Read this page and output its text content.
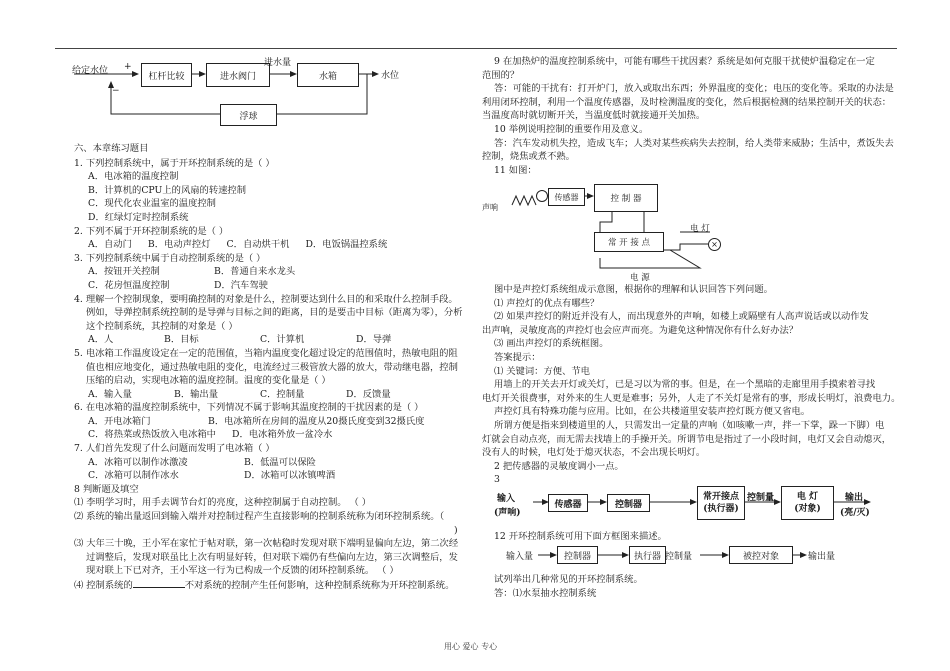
给定水位 +
−
杠杆比较	进水阀门
进水量
水箱	水位
浮球

六、本章练习题目

1. 下列控制系统中，属于开环控制系统的是（ ）

A．电冰箱的温度控制

B．计算机的CPU上的风扇的转速控制

C．现代化农业温室的温度控制

D．红绿灯定时控制系统

2. 下列不属于开环控制系统的是（ ）

A．自动门 B．电动声控灯 C．自动烘干机 D．电饭锅温控系统

3. 下列控制系统中属于自动控制系统的是（ ）

A．按钮开关控制	B．普通自来水龙头

C．花房恒温度控制	D．汽车驾驶

4. 理解一个控制现象，要明确控制的对象是什么，控制要达到什么目的和采取什么控制手段。

例如，导弹控制系统控制的是导弹与目标之间的距离，目的是要击中目标（距离为零），分析

这个控制系统，其控制的对象是（ ）

A．人	B．目标	C．计算机	D．导弹

5. 电冰箱工作温度设定在一定的范围值，当箱内温度变化超过设定的范围值时，热敏电阻的阻

值也相应地变化，通过热敏电阻的变化，电流经过三极管放大器的放大，带动继电器，控制

压缩的启动，实现电冰箱的温度控制。温度的变化量是（ ）

A．输入量	B．输出量	C．控制量	D．反馈量

6. 在电冰箱的温度控制系统中，下列情况不属于影响其温度控制的干扰因素的是（ ）

A．开电冰箱门	B．电冰箱所在房间的温度从20摄氏度变到32摄氏度

C．将热菜或热饭放入电冰箱中 D．电冰箱外放一盆冷水

7. 人们首先发现了什么问题而发明了电冰箱（ ）

A．冰箱可以制作冰激凌	B．低温可以保险

C．冰箱可以制作冰水	D．冰箱可以冰镇啤酒

8 判断题及填空

⑴ 李明学习时，用手去调节台灯的亮度，这种控制属于自动控制。 （ ）

⑵ 系统的输出量返回到输入端并对控制过程产生直接影响的控制系统称为闭环控制系统。（

)

⑶ 大年三十晚，王小军在家忙于帖对联，第一次帖稳时发现对联下端明显偏向左边，第二次经

过调整后，发现对联虽比上次有明显好转，但对联下端仍有些偏向左边，第三次调整后，发

现对联上下已对齐，王小军这一行为已构成一个反馈的闭环控制系统。 （ ）

⑷ 控制系统的	不对系统的控制产生任何影响，这种控制系统称为开环控制系统。

9 在加热炉的温度控制系统中，可能有哪些干扰因素？系统是如何克服干扰使炉温稳定在一定

范围的？

答：可能的干扰有：打开炉门，放入或取出东西；外界温度的变化；电压的变化等。采取的办法是

利用闭环控制，利用一个温度传感器，及时检测温度的变化，然后根据检测的结果控制开关的状态：

当温度高时就切断开关，当温度低时就接通开关加热。

10 举例说明控制的重要作用及意义。

答：汽车发动机失控，造成飞车；人类对某些疾病失去控制，给人类带来威胁；生活中，煮饭失去

控制，烧焦或煮不熟。

11 如图：

声响
传感器	控 制 器
常 开 接 点
电 灯
×
电 源

图中是声控灯系统组成示意图，根据你的理解和认识回答下列问题。

⑴ 声控灯的优点有哪些？

⑵ 如果声控灯的附近并没有人，而出现意外的声响，如楼上或隔壁有人高声说话或以动作发

出声响，灵敏度高的声控灯也会应声而亮。为避免这种情况你有什么好办法？

⑶ 画出声控灯的系统框图。

答案提示：

⑴ 关键词：方便、节电

用墙上的开关去开灯或关灯，已是习以为常的事。但是，在一个黑暗的走廊里用手摸索着寻找

电灯开关很费事，对外来的生人更是难事；另外，人走了不关灯是常有的事，形成长明灯，浪费电力。

声控灯具有特殊功能与应用。比如，在公共楼道里安装声控灯既方便又省电。

所谓方便是指来到楼道里的人，只需发出一定量的声响（如咳嗽一声，拌一下掌，跺一下脚）电

灯就会自动点亮，而无需去找墙上的手操开关。所谓节电是指过了一小段时间，电灯又会自动熄灭，

没有人的时候，电灯处于熄灭状态，不会出现长明灯。

2 把传感器的灵敏度调小一点。

3

输入
(声响)
传感器	控制器
常开接点
(执行器)
控制量	电 灯
(对象)
输出
(亮/灭)

12 开环控制系统可用下面方框图来描述。

输入量	控制器	执行器 控制量	被控对象	输出量

试列举出几种常见的开环控制系统。

答：⑴水泵抽水控制系统

用心 爱心 专心
